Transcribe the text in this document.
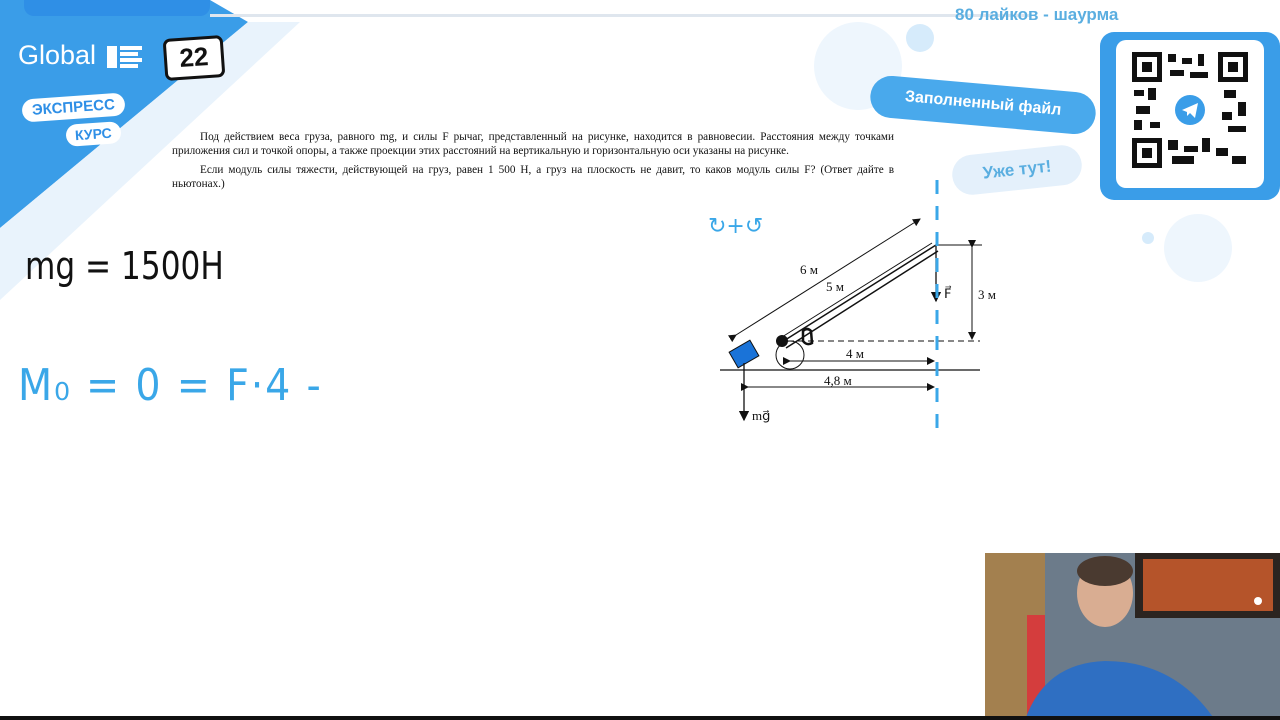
80 лайков - шаурма
Global	22
ЭКСПРЕСС
КУРС
Заполненный файл
Уже тут!

Под действием веса груза, равного mg, и силы F рычаг, представленный на рисунке, находится в равновесии. Расстояния между точками приложения сил и точкой опоры, а также проекции этих расстояний на вертикальную и горизонтальную оси указаны на рисунке.

Если модуль силы тяжести, действующей на груз, равен 1 500 Н, а груз на плоскость не давит, то каков модуль силы F? (Ответ дайте в ньютонах.)

mg = 1500Н
M₀ = 0 = F·4 -
↻+↺
6 м
5 м	F⃗ 3 м
4 м
4,8 м
mg⃗
